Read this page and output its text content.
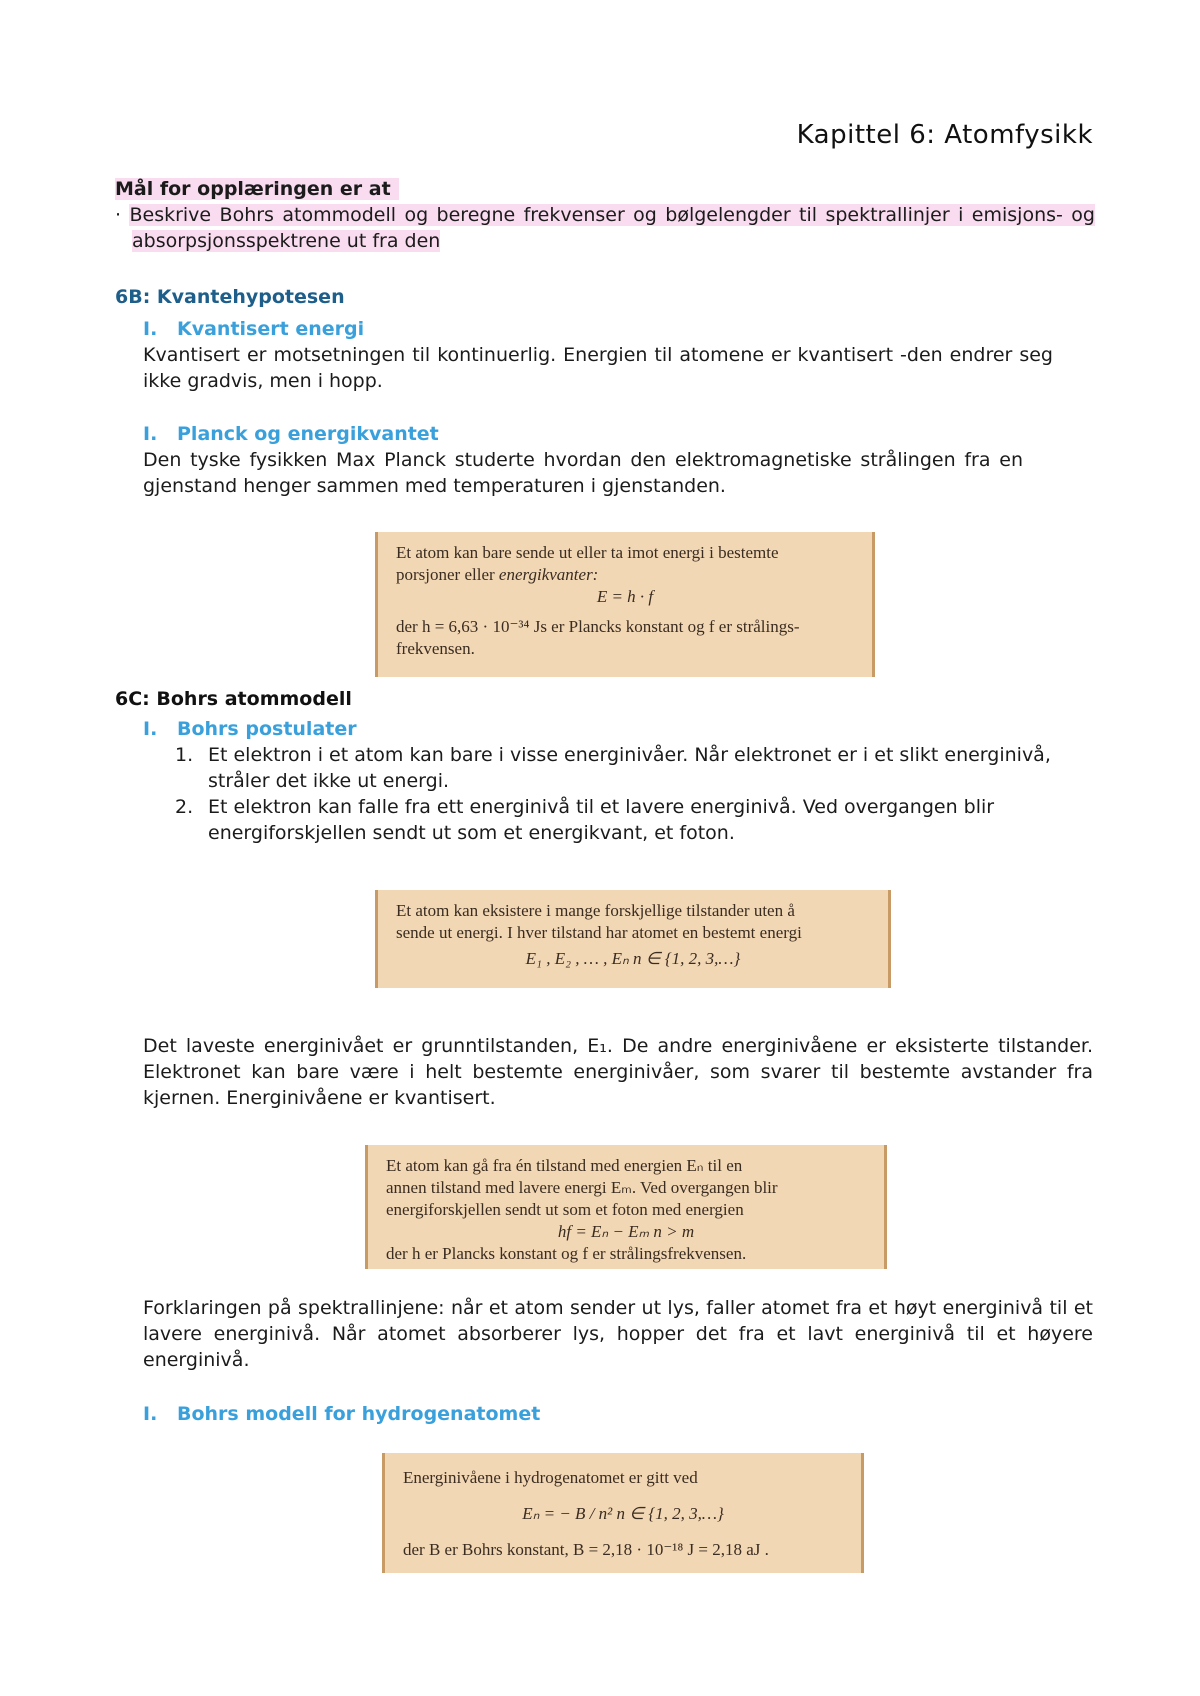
Kapittel 6: Atomfysikk
Mål for opplæringen er at
· Beskrive Bohrs atommodell og beregne frekvenser og bølgelengder til spektrallinjer i emisjons- og
absorpsjonsspektrene ut fra den
6B: Kvantehypotesen
I. Kvantisert energi
Kvantisert er motsetningen til kontinuerlig. Energien til atomene er kvantisert -den endrer seg ikke gradvis, men i hopp.
I. Planck og energikvantet
Den tyske fysikken Max Planck studerte hvordan den elektromagnetiske strålingen fra en gjenstand henger sammen med temperaturen i gjenstanden.
Et atom kan bare sende ut eller ta imot energi i bestemte
porsjoner eller energikvanter:
E = h · f
der h = 6,63 · 10⁻³⁴ Js er Plancks konstant og f er strålings-
frekvensen.
6C: Bohrs atommodell
I. Bohrs postulater
1. Et elektron i et atom kan bare i visse energinivåer. Når elektronet er i et slikt energinivå, stråler det ikke ut energi.
2. Et elektron kan falle fra ett energinivå til et lavere energinivå. Ved overgangen blir energiforskjellen sendt ut som et energikvant, et foton.
Et atom kan eksistere i mange forskjellige tilstander uten å
sende ut energi. I hver tilstand har atomet en bestemt energi
E₁ , E₂ , … , Eₙ n ∈ {1, 2, 3,…}
Det laveste energinivået er grunntilstanden, E₁. De andre energinivåene er eksisterte tilstander. Elektronet kan bare være i helt bestemte energinivåer, som svarer til bestemte avstander fra kjernen. Energinivåene er kvantisert.
Et atom kan gå fra én tilstand med energien Eₙ til en
annen tilstand med lavere energi Eₘ. Ved overgangen blir
energiforskjellen sendt ut som et foton med energien
hf = Eₙ − Eₘ n > m
der h er Plancks konstant og f er strålingsfrekvensen.
Forklaringen på spektrallinjene: når et atom sender ut lys, faller atomet fra et høyt energinivå til et lavere energinivå. Når atomet absorberer lys, hopper det fra et lavt energinivå til et høyere energinivå.
I. Bohrs modell for hydrogenatomet
Energinivåene i hydrogenatomet er gitt ved
Eₙ = − B / n² n ∈ {1, 2, 3,…}
der B er Bohrs konstant, B = 2,18 · 10⁻¹⁸ J = 2,18 aJ .
